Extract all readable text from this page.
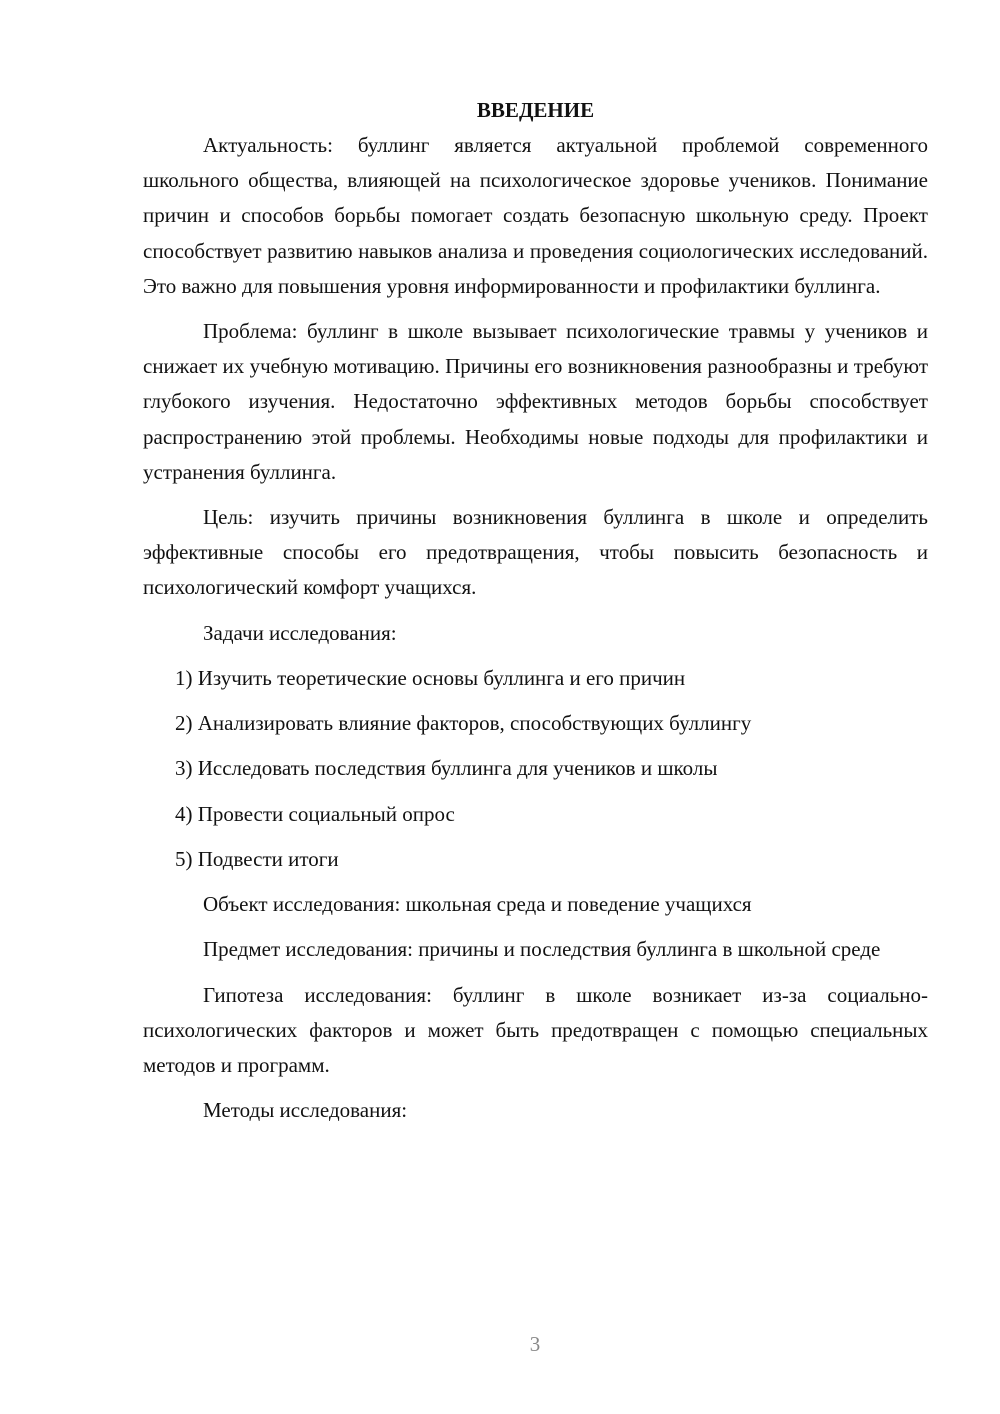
ВВЕДЕНИЕ

Актуальность: буллинг является актуальной проблемой современного школьного общества, влияющей на психологическое здоровье учеников. Понимание причин и способов борьбы помогает создать безопасную школьную среду. Проект способствует развитию навыков анализа и проведения социологических исследований. Это важно для повышения уровня информированности и профилактики буллинга.

Проблема: буллинг в школе вызывает психологические травмы у учеников и снижает их учебную мотивацию. Причины его возникновения разнообразны и требуют глубокого изучения. Недостаточно эффективных методов борьбы способствует распространению этой проблемы. Необходимы новые подходы для профилактики и устранения буллинга.

Цель: изучить причины возникновения буллинга в школе и определить эффективные способы его предотвращения, чтобы повысить безопасность и психологический комфорт учащихся.

Задачи исследования:

1) Изучить теоретические основы буллинга и его причин
2) Анализировать влияние факторов, способствующих буллингу
3) Исследовать последствия буллинга для учеников и школы
4) Провести социальный опрос
5) Подвести итоги

Объект исследования: школьная среда и поведение учащихся

Предмет исследования: причины и последствия буллинга в школьной среде

Гипотеза исследования: буллинг в школе возникает из-за социально-психологических факторов и может быть предотвращен с помощью специальных методов и программ.

Методы исследования:

3
